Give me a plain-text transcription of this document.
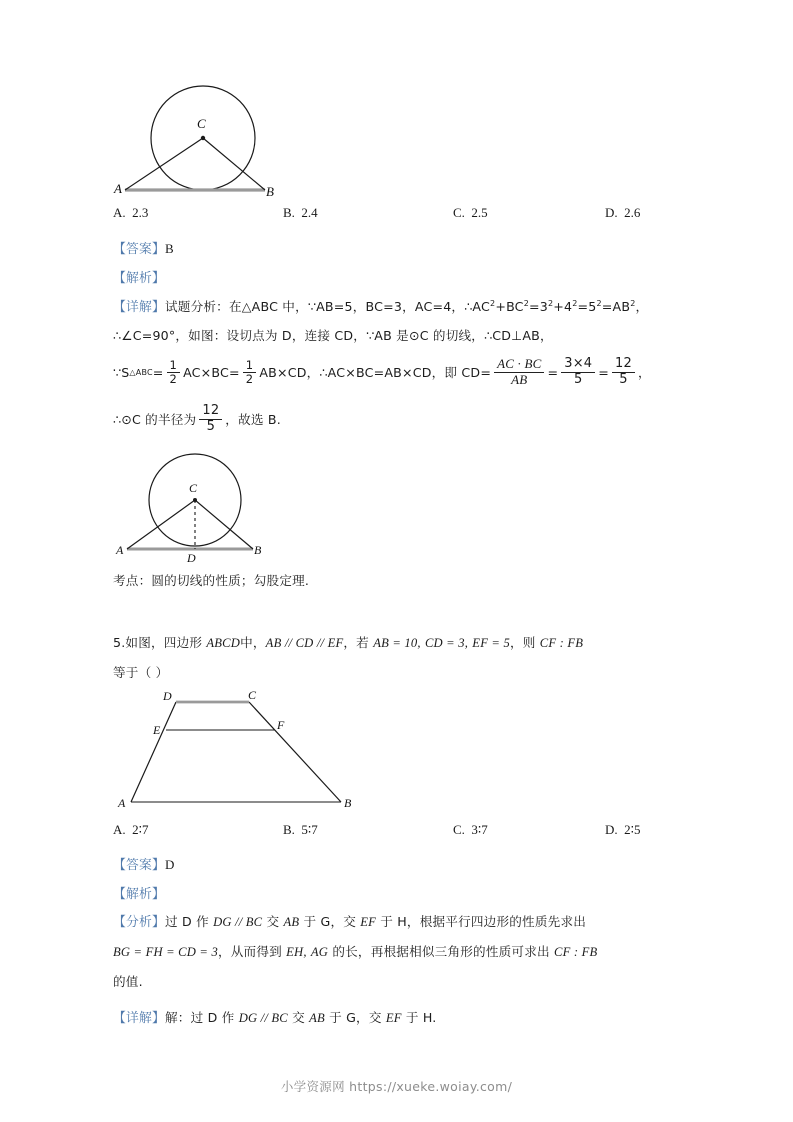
C
A	B
A. 2.3	B. 2.4	C. 2.5	D. 2.6
【答案】B
【解析】
【详解】试题分析：在△ABC 中，∵AB=5，BC=3，AC=4，$\therefore AC^2+BC^2=3^2+4^2=5^2=AB^2$，
∴∠C=90°，如图：设切点为 D，连接 CD，∵AB 是⊙C 的切线，∴CD⊥AB，
∵S △ABC = $\frac{1}{2} AC\times BC= \frac{1}{2} AB\times CD$，∴AC×BC=AB×CD，即 $CD= \frac{AC \cdot BC}{AB} = \frac{3\times 4}{5} = \frac{12}{5}$ ，
∴⊙C 的半径为 $\frac{12}{5}$ ，故选 B.
C
A	B
D
考点：圆的切线的性质；勾股定理.
5.如图，四边形 ABCD中，AB // CD // EF，若 AB = 10, CD = 3, EF = 5，则 CF : FB
等于（ ）
D	C
E	F
A	B
A. 2∶7	B. 5∶7	C. 3∶7	D. 2∶5
【答案】D
【解析】
【分析】过 D 作 DG // BC 交 AB 于 G，交 EF 于 H，根据平行四边形的性质先求出
BG = FH = CD = 3，从而得到 EH, AG 的长，再根据相似三角形的性质可求出 CF : FB
的值.
【详解】解：过 D 作 DG // BC 交 AB 于 G，交 EF 于 H.
小学资源网 https://xueke.woiay.com/
